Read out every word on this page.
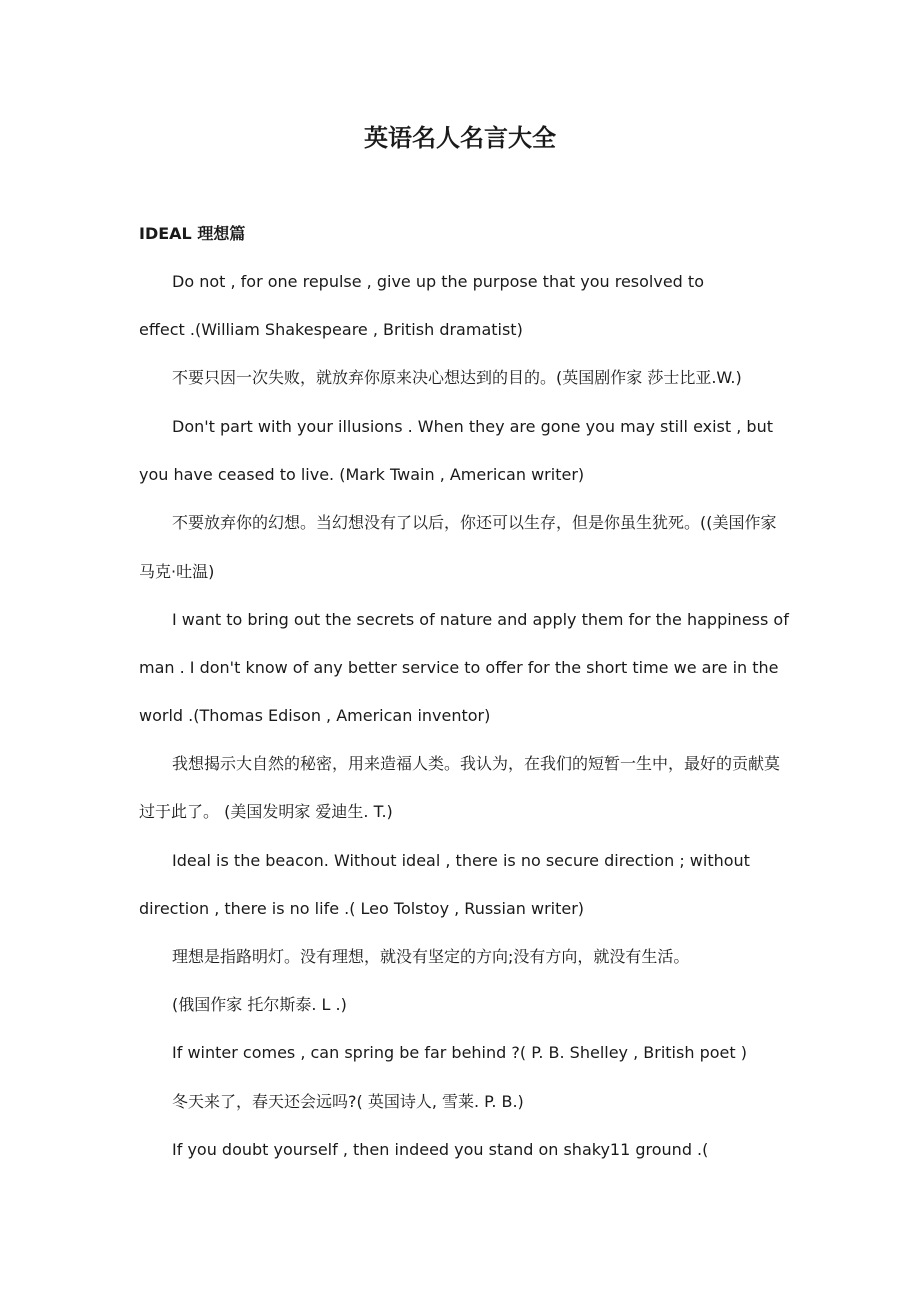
英语名人名言大全
IDEAL 理想篇
Do not , for one repulse , give up the purpose that you resolved to
effect .(William Shakespeare , British dramatist)
不要只因一次失败，就放弃你原来决心想达到的目的。(英国剧作家 莎士比亚.W.)
Don't part with your illusions . When they are gone you may still exist , but
you have ceased to live. (Mark Twain , American writer)
不要放弃你的幻想。当幻想没有了以后，你还可以生存，但是你虽生犹死。((美国作家
马克·吐温)
I want to bring out the secrets of nature and apply them for the happiness of
man . I don't know of any better service to offer for the short time we are in the
world .(Thomas Edison , American inventor)
我想揭示大自然的秘密，用来造福人类。我认为，在我们的短暂一生中，最好的贡献莫
过于此了。 (美国发明家 爱迪生. T.)
Ideal is the beacon. Without ideal , there is no secure direction ; without
direction , there is no life .( Leo Tolstoy , Russian writer)
理想是指路明灯。没有理想，就没有坚定的方向;没有方向，就没有生活。
(俄国作家 托尔斯泰. L .)
If winter comes , can spring be far behind ?( P. B. Shelley , British poet )
冬天来了，春天还会远吗?( 英国诗人, 雪莱. P. B.)
If you doubt yourself , then indeed you stand on shaky11 ground .(
